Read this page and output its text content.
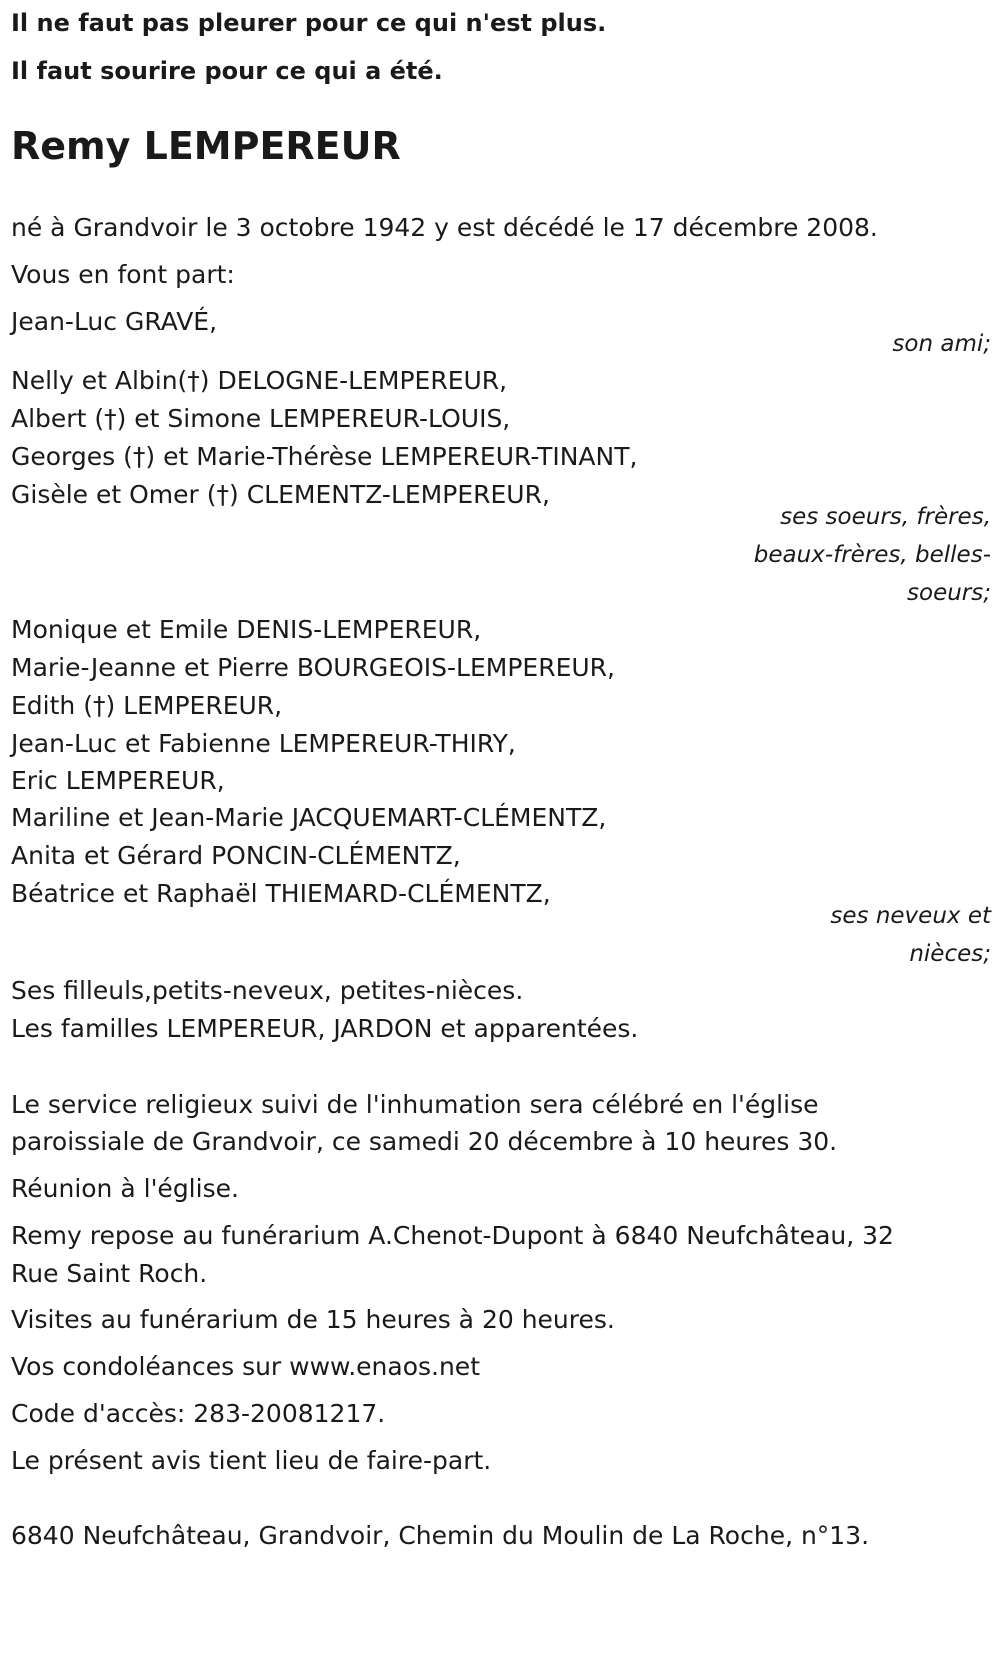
Il ne faut pas pleurer pour ce qui n'est plus.
Il faut sourire pour ce qui a été.
Remy LEMPEREUR
né à Grandvoir le 3 octobre 1942 y est décédé le 17 décembre 2008.
Vous en font part:
Jean-Luc GRAVÉ,
son ami;
Nelly et Albin(†) DELOGNE-LEMPEREUR,
Albert (†) et Simone LEMPEREUR-LOUIS,
Georges (†) et Marie-Thérèse LEMPEREUR-TINANT,
Gisèle et Omer (†) CLEMENTZ-LEMPEREUR,
ses soeurs, frères,
beaux-frères, belles-
soeurs;
Monique et Emile DENIS-LEMPEREUR,
Marie-Jeanne et Pierre BOURGEOIS-LEMPEREUR,
Edith (†) LEMPEREUR,
Jean-Luc et Fabienne LEMPEREUR-THIRY,
Eric LEMPEREUR,
Mariline et Jean-Marie JACQUEMART-CLÉMENTZ,
Anita et Gérard PONCIN-CLÉMENTZ,
Béatrice et Raphaël THIEMARD-CLÉMENTZ,
ses neveux et
nièces;
Ses filleuls,petits-neveux, petites-nièces.
Les familles LEMPEREUR, JARDON et apparentées.
Le service religieux suivi de l'inhumation sera célébré en l'église
paroissiale de Grandvoir, ce samedi 20 décembre à 10 heures 30.
Réunion à l'église.
Remy repose au funérarium A.Chenot-Dupont à 6840 Neufchâteau, 32
Rue Saint Roch.
Visites au funérarium de 15 heures à 20 heures.
Vos condoléances sur www.enaos.net
Code d'accès: 283-20081217.
Le présent avis tient lieu de faire-part.
6840 Neufchâteau, Grandvoir, Chemin du Moulin de La Roche, n°13.
